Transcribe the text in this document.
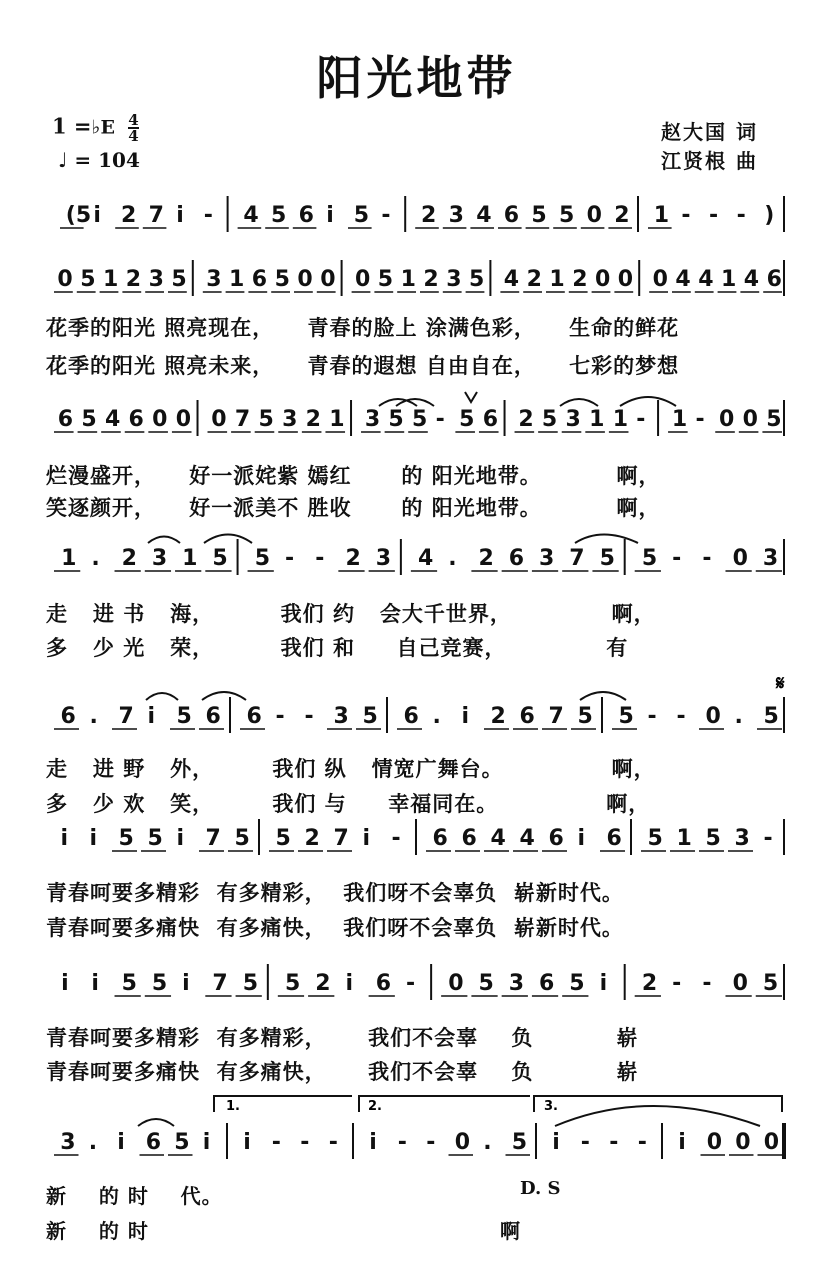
阳光地带
1 =♭E $\frac{4}{4}$
♩ = 104
赵大国 词
江贤根 曲
1.	2.	3.
𝄋
(5 i 2 7 i - 4 5 6 i 5 - 2 3 4 6 5 5 0 2 1 - - - )
0 5 1 2 3 5 3 1 6 5 0 0 0 5 1 2 3 5 4 2 1 2 0 0 0 4 4 1 4 6
6 5 4 6 0 0 0 7 5 3 2 1 3 5 5 - 5 6 2 5 3 1 1 - 1 - 0 0 5
1 . 2 3 1 5 5 - - 2 3 4 . 2 6 3 7 5 5 - - 0 3
6 . 7 i 5 6 6 - - 3 5 6 . i 2 6 7 5 5 - - 0 . 5
i i 5 5 i 7 5 5 2 7 i - 6 6 4 4 6 i 6 5 1 5 3 -
i i 5 5 i 7 5 5 2 i 6 - 0 5 3 6 5 i 2 - - 0 5
3 . i 6 5 i i - - - i - - 0 . 5 i - - - i 0 0 0
花季的阳光 照亮现在，    青春的脸上 涂满色彩，    生命的鲜花
花季的阳光 照亮未来，    青春的遐想 自由自在，    七彩的梦想
烂漫盛开，    好一派姹紫 嫣红      的 阳光地带。         啊，
笑逐颜开，    好一派美不 胜收      的 阳光地带。         啊，
走   进 书   海，        我们 约   会大千世界，            啊，
多   少 光   荣，        我们 和     自己竞赛，            有
走   进 野   外，       我们 纵   情宽广舞台。             啊，
多   少 欢   笑，       我们 与     幸福同在。             啊，
青春呵要多精彩  有多精彩，  我们呀不会辜负  崭新时代。
青春呵要多痛快  有多痛快，  我们呀不会辜负  崭新时代。
青春呵要多精彩  有多精彩，     我们不会辜    负          崭
青春呵要多痛快  有多痛快，     我们不会辜    负          崭
新    的 时    代。
新    的 时	啊
D. S
